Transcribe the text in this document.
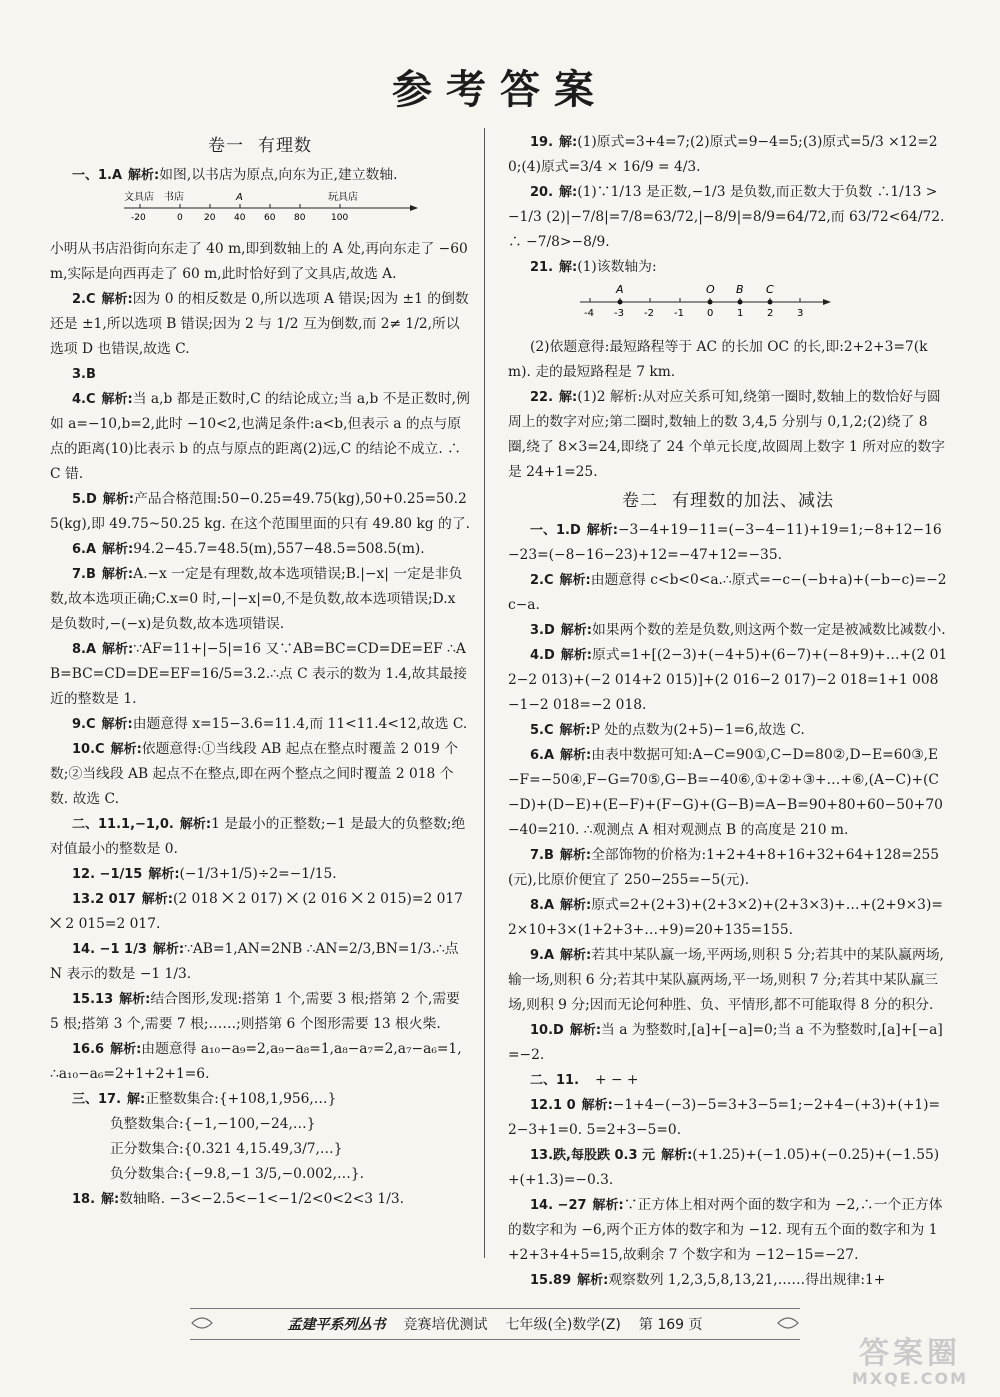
参考答案
卷一 有理数

一、1.A 解析:如图,以书店为原点,向东为正,建立数轴.

文具店 书店	A	玩具店
-20	0 20 40 60 80	100

小明从书店沿街向东走了 40 m,即到数轴上的 A 处,再向东走了 −60 m,实际是向西再走了 60 m,此时恰好到了文具店,故选 A.

2.C 解析:因为 0 的相反数是 0,所以选项 A 错误;因为 ±1 的倒数还是 ±1,所以选项 B 错误;因为 2 与 1/2 互为倒数,而 2≠ 1/2,所以选项 D 也错误,故选 C.

3.B

4.C 解析:当 a,b 都是正数时,C 的结论成立;当 a,b 不是正数时,例如 a=−10,b=2,此时 −10<2,也满足条件:a<b,但表示 a 的点与原点的距离(10)比表示 b 的点与原点的距离(2)远,C 的结论不成立. ∴C 错.

5.D 解析:产品合格范围:50−0.25=49.75(kg),50+0.25=50.25(kg),即 49.75~50.25 kg. 在这个范围里面的只有 49.80 kg 的了.

6.A 解析:94.2−45.7=48.5(m),557−48.5=508.5(m).

7.B 解析:A.−x 一定是有理数,故本选项错误;B.|−x| 一定是非负数,故本选项正确;C.x=0 时,−|−x|=0,不是负数,故本选项错误;D.x 是负数时,−(−x)是负数,故本选项错误.

8.A 解析:∵AF=11+|−5|=16 又∵AB=BC=CD=DE=EF ∴AB=BC=CD=DE=EF=16/5=3.2.∴点 C 表示的数为 1.4,故其最接近的整数是 1.

9.C 解析:由题意得 x=15−3.6=11.4,而 11<11.4<12,故选 C.

10.C 解析:依题意得:①当线段 AB 起点在整点时覆盖 2 019 个数;②当线段 AB 起点不在整点,即在两个整点之间时覆盖 2 018 个数. 故选 C.

二、11.1,−1,0. 解析:1 是最小的正整数;−1 是最大的负整数;绝对值最小的整数是 0.

12. −1/15 解析:(−1/3+1/5)÷2=−1/15.

13.2 017 解析:(2 018 ⨉ 2 017) ⨉ (2 016 ⨉ 2 015)=2 017 ⨉ 2 015=2 017.

14. −1 1/3 解析:∵AB=1,AN=2NB ∴AN=2/3,BN=1/3.∴点 N 表示的数是 −1 1/3.

15.13 解析:结合图形,发现:搭第 1 个,需要 3 根;搭第 2 个,需要 5 根;搭第 3 个,需要 7 根;……;则搭第 6 个图形需要 13 根火柴.

16.6 解析:由题意得 a₁₀−a₉=2,a₉−a₈=1,a₈−a₇=2,a₇−a₆=1,∴a₁₀−a₆=2+1+2+1=6.

三、17. 解:正整数集合:{+108,1,956,…}

负整数集合:{−1,−100,−24,…}

正分数集合:{0.321 4,15.49,3/7,…}

负分数集合:{−9.8,−1 3/5,−0.002,…}.

18. 解:数轴略. −3<−2.5<−1<−1/2<0<2<3 1/3.

19. 解:(1)原式=3+4=7;(2)原式=9−4=5;(3)原式=5/3 ×12=20;(4)原式=3/4 × 16/9 = 4/3.

20. 解:(1)∵1/13 是正数,−1/3 是负数,而正数大于负数 ∴1/13 >−1/3 (2)|−7/8|=7/8=63/72,|−8/9|=8/9=64/72,而 63/72<64/72.∴ −7/8>−8/9.

21. 解:(1)该数轴为:

A	O B C
-4 -3 -2 -1 0 1 2 3

(2)依题意得:最短路程等于 AC 的长加 OC 的长,即:2+2+3=7(km). 走的最短路程是 7 km.

22. 解:(1)2 解析:从对应关系可知,绕第一圈时,数轴上的数恰好与圆周上的数字对应;第二圈时,数轴上的数 3,4,5 分别与 0,1,2;(2)绕了 8 圈,绕了 8×3=24,即绕了 24 个单元长度,故圆周上数字 1 所对应的数字是 24+1=25.

卷二 有理数的加法、减法

一、1.D 解析:−3−4+19−11=(−3−4−11)+19=1;−8+12−16−23=(−8−16−23)+12=−47+12=−35.

2.C 解析:由题意得 c<b<0<a.∴原式=−c−(−b+a)+(−b−c)=−2c−a.

3.D 解析:如果两个数的差是负数,则这两个数一定是被减数比减数小.

4.D 解析:原式=1+[(2−3)+(−4+5)+(6−7)+(−8+9)+…+(2 012−2 013)+(−2 014+2 015)]+(2 016−2 017)−2 018=1+1 008−1−2 018=−2 018.

5.C 解析:P 处的点数为(2+5)−1=6,故选 C.

6.A 解析:由表中数据可知:A−C=90①,C−D=80②,D−E=60③,E−F=−50④,F−G=70⑤,G−B=−40⑥,①+②+③+…+⑥,(A−C)+(C−D)+(D−E)+(E−F)+(F−G)+(G−B)=A−B=90+80+60−50+70−40=210. ∴观测点 A 相对观测点 B 的高度是 210 m.

7.B 解析:全部饰物的价格为:1+2+4+8+16+32+64+128=255(元),比原价便宜了 250−255=−5(元).

8.A 解析:原式=2+(2+3)+(2+3×2)+(2+3×3)+…+(2+9×3)=2×10+3×(1+2+3+…+9)=20+135=155.

9.A 解析:若其中某队赢一场,平两场,则积 5 分;若其中的某队赢两场,输一场,则积 6 分;若其中某队赢两场,平一场,则积 7 分;若其中某队赢三场,则积 9 分;因而无论何种胜、负、平情形,都不可能取得 8 分的积分.

10.D 解析:当 a 为整数时,[a]+[−a]=0;当 a 不为整数时,[a]+[−a]=−2.

二、11. + − +

12.1 0 解析:−1+4−(−3)−5=3+3−5=1;−2+4−(+3)+(+1)=2−3+1=0. 5=2+3−5=0.

13.跌,每股跌 0.3 元 解析:(+1.25)+(−1.05)+(−0.25)+(−1.55)+(+1.3)=−0.3.

14. −27 解析:∵正方体上相对两个面的数字和为 −2,∴一个正方体的数字和为 −6,两个正方体的数字和为 −12. 现有五个面的数字和为 1+2+3+4+5=15,故剩余 7 个数字和为 −12−15=−27.

15.89 解析:观察数列 1,2,3,5,8,13,21,……得出规律:1+

孟建平系列丛书 竞赛培优测试 七年级(全)数学(Z) 第 169 页
答案圈
MXQE.COM
